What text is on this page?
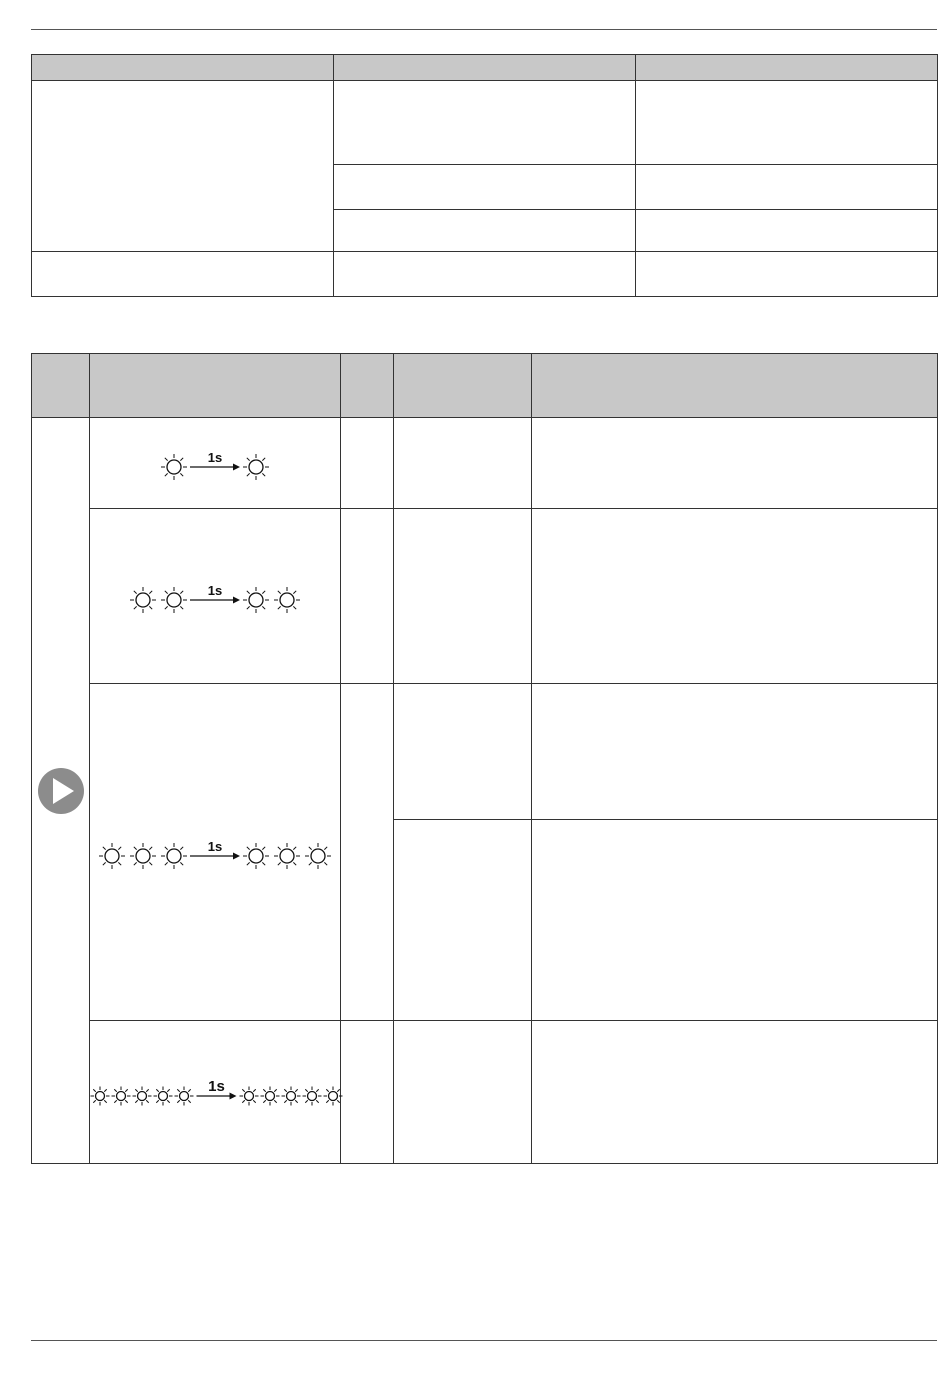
1s			

1s			

1s			

1s			
